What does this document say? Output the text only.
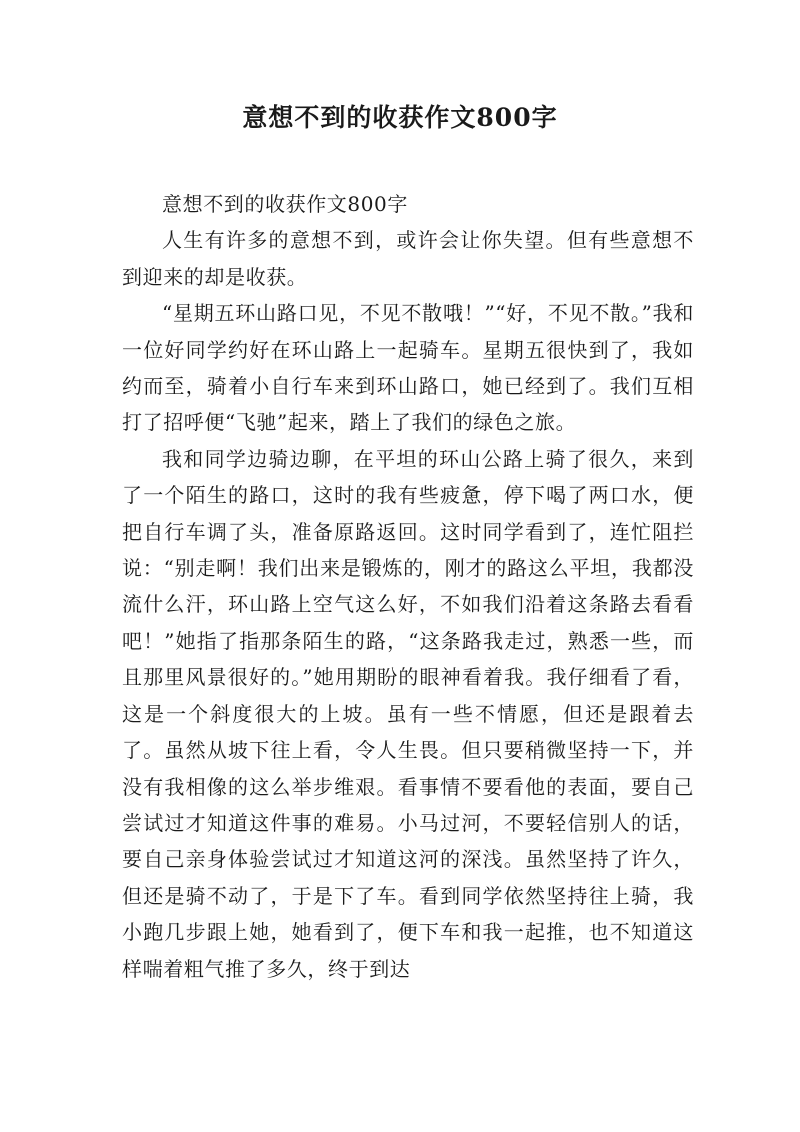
意想不到的收获作文800字

意想不到的收获作文800字

人生有许多的意想不到，或许会让你失望。但有些意想不到迎来的却是收获。

“星期五环山路口见，不见不散哦！”“好，不见不散。”我和一位好同学约好在环山路上一起骑车。星期五很快到了，我如约而至，骑着小自行车来到环山路口，她已经到了。我们互相打了招呼便“飞驰”起来，踏上了我们的绿色之旅。

我和同学边骑边聊，在平坦的环山公路上骑了很久，来到了一个陌生的路口，这时的我有些疲惫，停下喝了两口水，便把自行车调了头，准备原路返回。这时同学看到了，连忙阻拦说：“别走啊！我们出来是锻炼的，刚才的路这么平坦，我都没流什么汗，环山路上空气这么好，不如我们沿着这条路去看看吧！”她指了指那条陌生的路，“这条路我走过，熟悉一些，而且那里风景很好的。”她用期盼的眼神看着我。我仔细看了看，这是一个斜度很大的上坡。虽有一些不情愿，但还是跟着去了。虽然从坡下往上看，令人生畏。但只要稍微坚持一下，并没有我相像的这么举步维艰。看事情不要看他的表面，要自己尝试过才知道这件事的难易。小马过河，不要轻信别人的话，要自己亲身体验尝试过才知道这河的深浅。虽然坚持了许久，但还是骑不动了，于是下了车。看到同学依然坚持往上骑，我小跑几步跟上她，她看到了，便下车和我一起推，也不知道这样喘着粗气推了多久，终于到达
